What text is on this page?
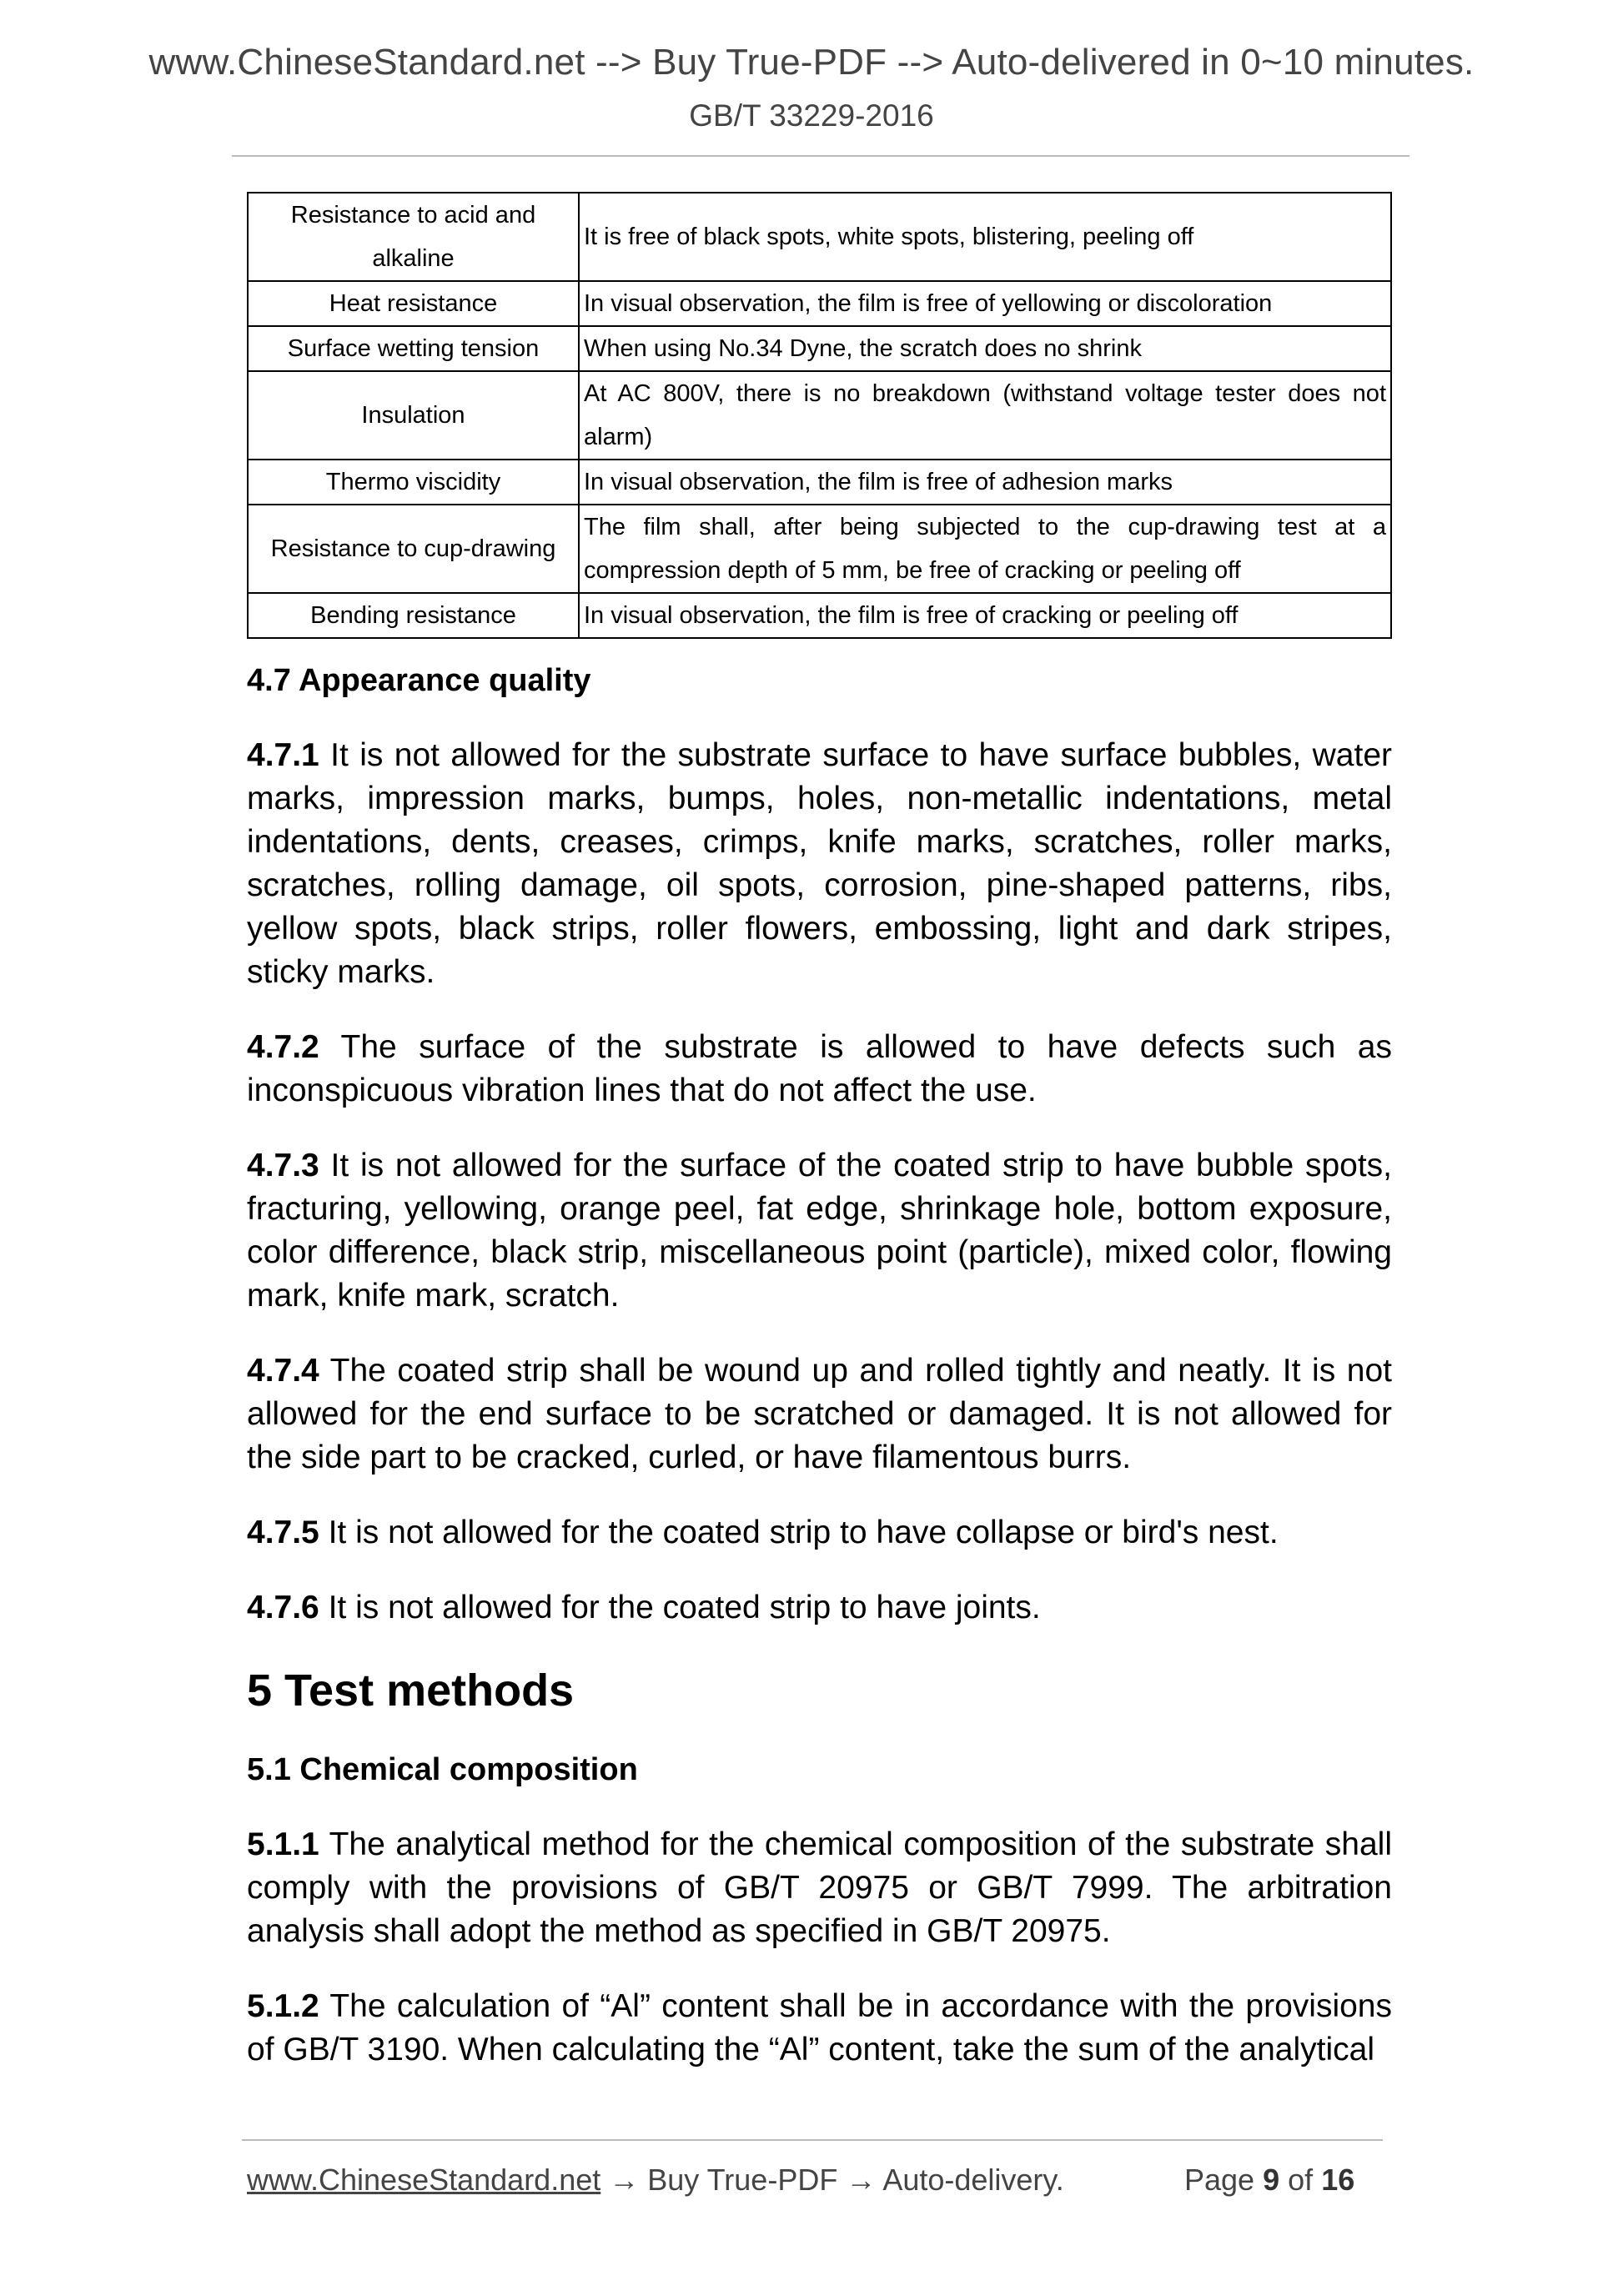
www.ChineseStandard.net --> Buy True-PDF --> Auto-delivered in 0~10 minutes.
GB/T 33229-2016
Resistance to acid and alkaline	It is free of black spots, white spots, blistering, peeling off
Heat resistance	In visual observation, the film is free of yellowing or discoloration
Surface wetting tension	When using No.34 Dyne, the scratch does no shrink
Insulation	At AC 800V, there is no breakdown (withstand voltage tester does not alarm)
Thermo viscidity	In visual observation, the film is free of adhesion marks
Resistance to cup-drawing	The film shall, after being subjected to the cup-drawing test at a compression depth of 5 mm, be free of cracking or peeling off
Bending resistance	In visual observation, the film is free of cracking or peeling off
4.7 Appearance quality

4.7.1 It is not allowed for the substrate surface to have surface bubbles, water marks, impression marks, bumps, holes, non-metallic indentations, metal indentations, dents, creases, crimps, knife marks, scratches, roller marks, scratches, rolling damage, oil spots, corrosion, pine-shaped patterns, ribs, yellow spots, black strips, roller flowers, embossing, light and dark stripes, sticky marks.

4.7.2 The surface of the substrate is allowed to have defects such as inconspicuous vibration lines that do not affect the use.

4.7.3 It is not allowed for the surface of the coated strip to have bubble spots, fracturing, yellowing, orange peel, fat edge, shrinkage hole, bottom exposure, color difference, black strip, miscellaneous point (particle), mixed color, flowing mark, knife mark, scratch.

4.7.4 The coated strip shall be wound up and rolled tightly and neatly. It is not allowed for the end surface to be scratched or damaged. It is not allowed for the side part to be cracked, curled, or have filamentous burrs.

4.7.5 It is not allowed for the coated strip to have collapse or bird's nest.

4.7.6 It is not allowed for the coated strip to have joints.

5 Test methods
5.1 Chemical composition

5.1.1 The analytical method for the chemical composition of the substrate shall comply with the provisions of GB/T 20975 or GB/T 7999. The arbitration analysis shall adopt the method as specified in GB/T 20975.

5.1.2 The calculation of “Al” content shall be in accordance with the provisions of GB/T 3190. When calculating the “Al” content, take the sum of the analytical

www.ChineseStandard.net → Buy True-PDF → Auto-delivery.	Page 9 of 16
